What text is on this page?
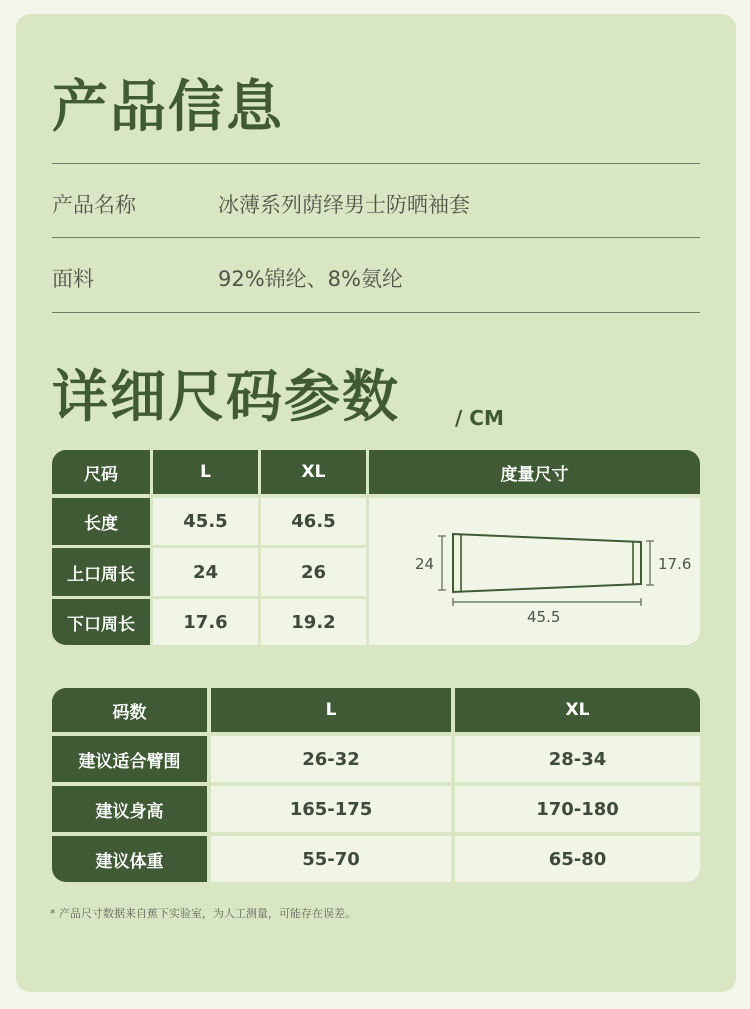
产品信息
产品名称	冰薄系列荫绎男士防晒袖套
面料	92%锦纶、8%氨纶
详细尺码参数	/ CM
尺码	L	XL	度量尺寸
长度	45.5	46.5
上口周长	24	26
下口周长	17.6	19.2
24	17.6
45.5
码数	L	XL
建议适合臂围	26-32	28-34
建议身高	165-175	170-180
建议体重	55-70	65-80
* 产品尺寸数据来自蕉下实验室，为人工测量，可能存在误差。
